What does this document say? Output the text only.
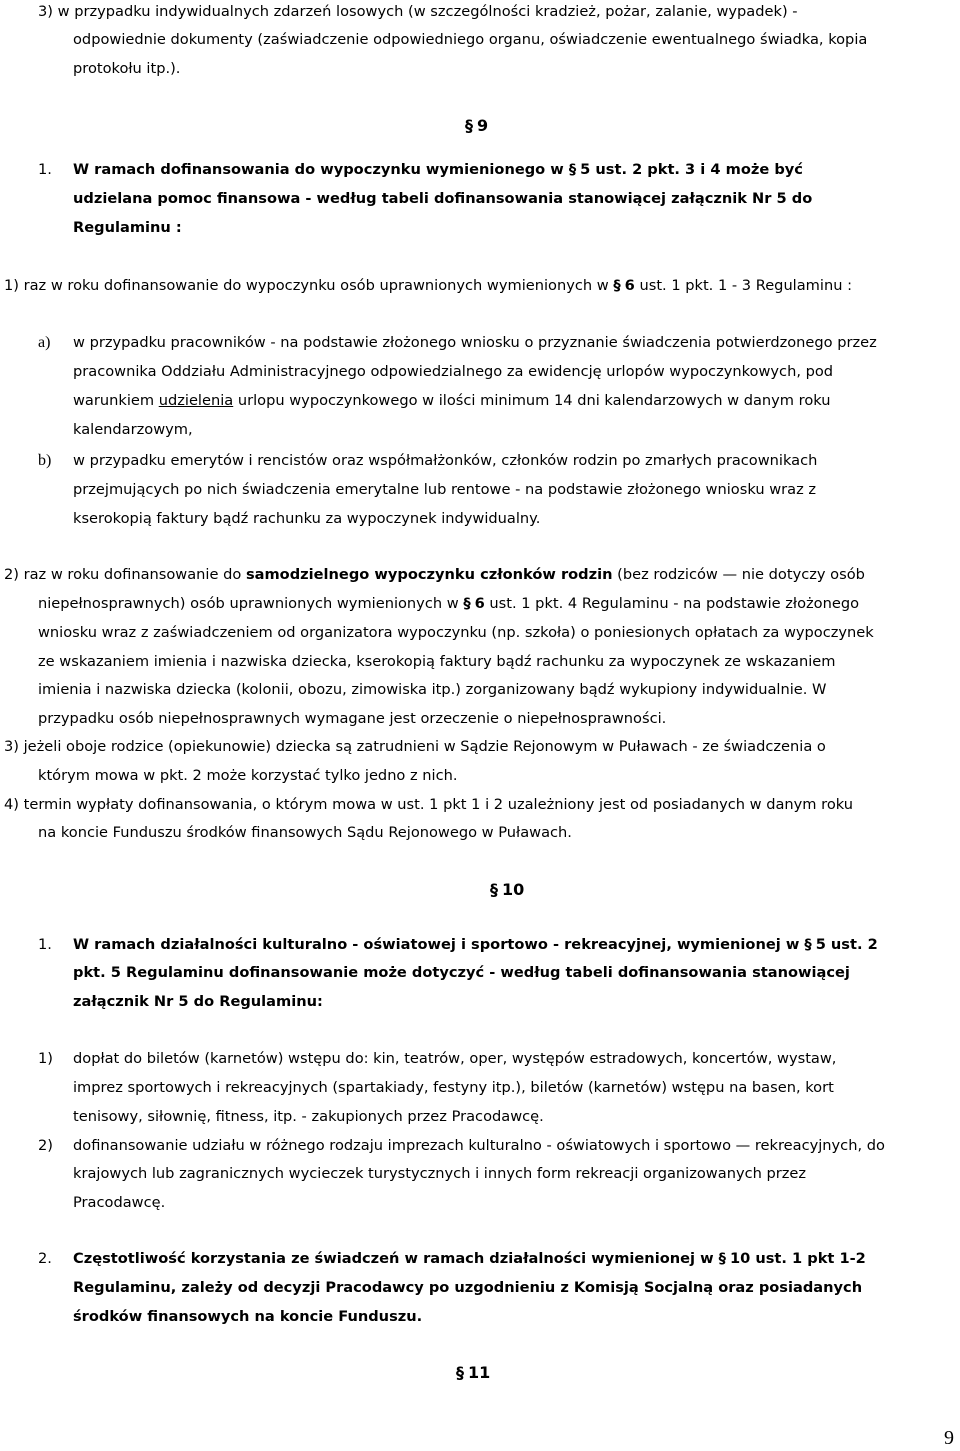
3) w przypadku indywidualnych zdarzeń losowych (w szczególności kradzież, pożar, zalanie, wypadek) -
odpowiednie dokumenty (zaświadczenie odpowiedniego organu, oświadczenie ewentualnego świadka, kopia
protokołu itp.).
§ 9
1. W ramach dofinansowania do wypoczynku wymienionego w § 5 ust. 2 pkt. 3 i 4 może być
udzielana pomoc finansowa - według tabeli dofinansowania stanowiącej załącznik Nr 5 do
Regulaminu :
1) raz w roku dofinansowanie do wypoczynku osób uprawnionych wymienionych w § 6 ust. 1 pkt. 1 - 3 Regulaminu :
a) w przypadku pracowników - na podstawie złożonego wniosku o przyznanie świadczenia potwierdzonego przez
pracownika Oddziału Administracyjnego odpowiedzialnego za ewidencję urlopów wypoczynkowych, pod
warunkiem udzielenia urlopu wypoczynkowego w ilości minimum 14 dni kalendarzowych w danym roku
kalendarzowym,
b) w przypadku emerytów i rencistów oraz współmałżonków, członków rodzin po zmarłych pracownikach
przejmujących po nich świadczenia emerytalne lub rentowe - na podstawie złożonego wniosku wraz z
kserokopią faktury bądź rachunku za wypoczynek indywidualny.
2) raz w roku dofinansowanie do samodzielnego wypoczynku członków rodzin (bez rodziców — nie dotyczy osób
niepełnosprawnych) osób uprawnionych wymienionych w § 6 ust. 1 pkt. 4 Regulaminu - na podstawie złożonego
wniosku wraz z zaświadczeniem od organizatora wypoczynku (np. szkoła) o poniesionych opłatach za wypoczynek
ze wskazaniem imienia i nazwiska dziecka, kserokopią faktury bądź rachunku za wypoczynek ze wskazaniem
imienia i nazwiska dziecka (kolonii, obozu, zimowiska itp.) zorganizowany bądź wykupiony indywidualnie. W
przypadku osób niepełnosprawnych wymagane jest orzeczenie o niepełnosprawności.
3) jeżeli oboje rodzice (opiekunowie) dziecka są zatrudnieni w Sądzie Rejonowym w Puławach - ze świadczenia o
którym mowa w pkt. 2 może korzystać tylko jedno z nich.
4) termin wypłaty dofinansowania, o którym mowa w ust. 1 pkt 1 i 2 uzależniony jest od posiadanych w danym roku
na koncie Funduszu środków finansowych Sądu Rejonowego w Puławach.
§ 10
1. W ramach działalności kulturalno - oświatowej i sportowo - rekreacyjnej, wymienionej w § 5 ust. 2
pkt. 5 Regulaminu dofinansowanie może dotyczyć - według tabeli dofinansowania stanowiącej
załącznik Nr 5 do Regulaminu:
1) dopłat do biletów (karnetów) wstępu do: kin, teatrów, oper, występów estradowych, koncertów, wystaw,
imprez sportowych i rekreacyjnych (spartakiady, festyny itp.), biletów (karnetów) wstępu na basen, kort
tenisowy, siłownię, fitness, itp. - zakupionych przez Pracodawcę.
2) dofinansowanie udziału w różnego rodzaju imprezach kulturalno - oświatowych i sportowo — rekreacyjnych, do
krajowych lub zagranicznych wycieczek turystycznych i innych form rekreacji organizowanych przez
Pracodawcę.
2. Częstotliwość korzystania ze świadczeń w ramach działalności wymienionej w § 10 ust. 1 pkt 1-2
Regulaminu, zależy od decyzji Pracodawcy po uzgodnieniu z Komisją Socjalną oraz posiadanych
środków finansowych na koncie Funduszu.
§ 11
9
